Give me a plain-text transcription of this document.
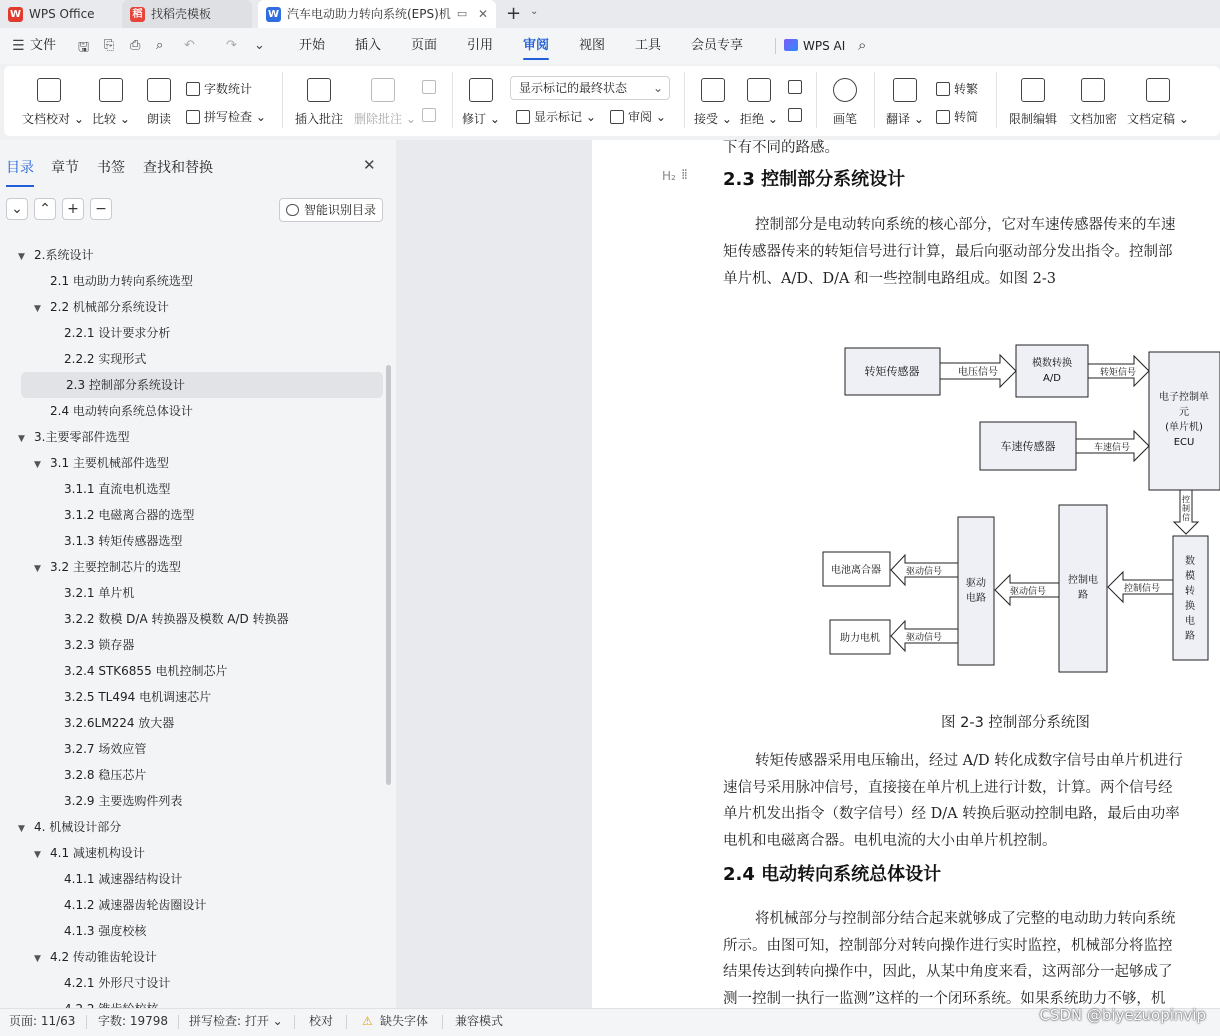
W WPS Office	稻 找稻壳模板	W 汽车电动助力转向系统(EPS)机 ▭ ✕ + ⌄
☰ 文件 🖫 ⎘ ⎙ ⌕ ↶ ↷ ⌄	开始 插入 页面 引用 审阅 视图 工具 会员专享	WPS AI ⌕
文档校对 ⌄ 比较 ⌄	朗读
字数统计
拼写检查 ⌄ 插入批注 删除批注 ⌄	修订 ⌄
显示标记的最终状态 ⌄
显示标记 ⌄	审阅 ⌄ 接受 ⌄ 拒绝 ⌄	画笔	翻译 ⌄
转繁
转简	限制编辑 文档加密 文档定稿 ⌄
目录 章节 书签 查找和替换	✕
⌄	⌃	+	−	智能识别目录
▼ 2.系统设计
2.1 电动助力转向系统选型
▼ 2.2 机械部分系统设计
2.2.1 设计要求分析
2.2.2 实现形式
2.3 控制部分系统设计
2.4 电动转向系统总体设计
▼ 3.主要零部件选型
▼ 3.1 主要机械部件选型
3.1.1 直流电机选型
3.1.2 电磁离合器的选型
3.1.3 转矩传感器选型
▼ 3.2 主要控制芯片的选型
3.2.1 单片机
3.2.2 数模 D/A 转换器及模数 A/D 转换器
3.2.3 锁存器
3.2.4 STK6855 电机控制芯片
3.2.5 TL494 电机调速芯片
3.2.6LM224 放大器
3.2.7 场效应管
3.2.8 稳压芯片
3.2.9 主要选购件列表
▼ 4. 机械设计部分
▼ 4.1 减速机构设计
4.1.1 减速器结构设计
4.1.2 减速器齿轮齿圈设计
4.1.3 强度校核
▼ 4.2 传动锥齿轮设计
4.2.1 外形尺寸设计
下有不同的路感。
H₂ ⁞⁞ 2.3 控制部分系统设计
控制部分是电动转向系统的核心部分，它对车速传感器传来的车速
矩传感器传来的转矩信号进行计算，最后向驱动部分发出指令。控制部
单片机、A/D、D/A 和一些控制电路组成。如图 2-3
转矩传感器	电压信号
模数转换
A/D	转矩信号
电子控制单
元
(单片机)
ECU
车速传感器	车速信号
控
制
信
数
模
转
换
电
路
控制信号
控制电
路
驱动信号
驱动
电路
驱动信号
驱动信号
电池离合器
助力电机
图 2-3 控制部分系统图
转矩传感器采用电压输出，经过 A/D 转化成数字信号由单片机进行
速信号采用脉冲信号，直接接在单片机上进行计数，计算。两个信号经
单片机发出指令（数字信号）经 D/A 转换后驱动控制电路，最后由功率
电机和电磁离合器。电机电流的大小由单片机控制。
2.4 电动转向系统总体设计
将机械部分与控制部分结合起来就够成了完整的电动助力转向系统
所示。由图可知，控制部分对转向操作进行实时监控，机械部分将监控
结果传达到转向操作中，因此，从某中角度来看，这两部分一起够成了
测一控制一执行一监测”这样的一个闭环系统。如果系统助力不够，机
页面: 11/63 字数: 19798 拼写检查: 打开 ⌄ 校对 ⚠ 缺失字体 兼容模式	CSDN @biyezuopinvip
